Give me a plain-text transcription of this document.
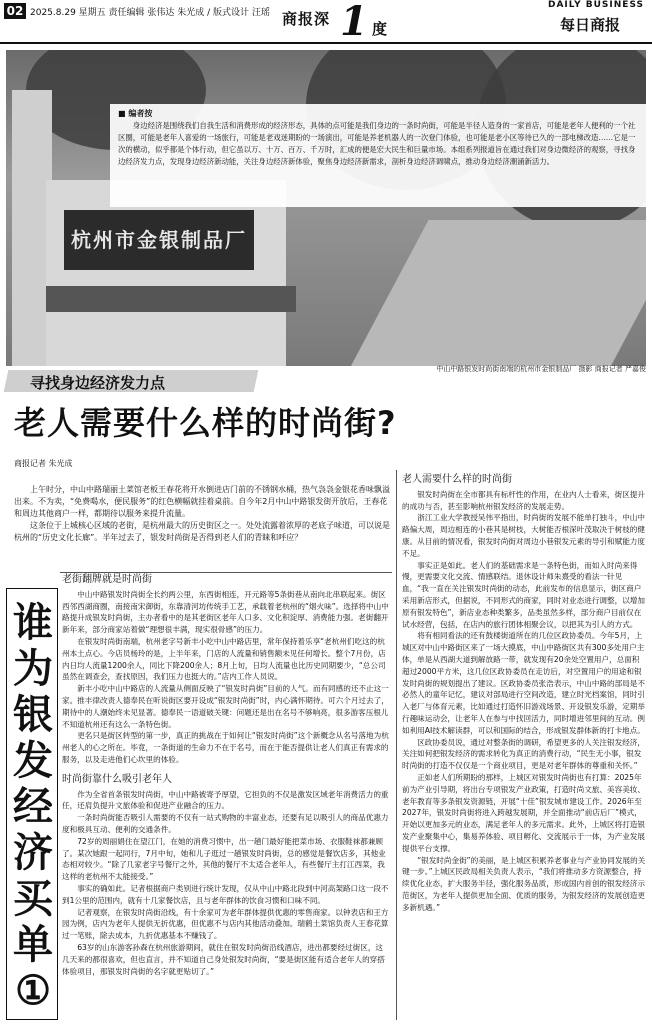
02 2025.8.29 星期五 责任编辑 张伟达 朱光成 / 版式设计 汪瑶 商报深 1 度
DAILY BUSINESS
每日商报
杭州市金银制品厂
■ 编者按
身边经济是围绕我们自我生活和消费形成的经济形态，具体的点可能是我们身边的一条时尚街，可能是半径人造身的一家首店，可能是老年人便利的一个社区圈，可能是老年人喜爱的一场旅行，可能是老戏迷期盼的一场演出，可能是养老机器人的一次登门体验，也可能是老小区等待已久的一部电梯改造……它是一次的横动，似乎都是个体行动，但它虽以万、十万、百万、千万时，汇成的便是宏大民生和巨量市场。本组系列报道旨在通过我们对身边微经济的观察，寻找身边经济发力点，发现身边经济新动能，关注身边经济新体验，聚焦身边经济新需求，剖析身边经济调啸点，推动身边经济潮涌新活力。
中山中路银发时尚街南端的杭州市金银制品厂 摄影 商报记者 严嘉俊
寻找身边经济发力点
老人需要什么样的时尚街?
商报记者 朱光成

上午时分，中山中路瑞丽土菜馆老板王春花将开水倒进店门前的不锈钢水桶，热气袅袅金银花香味飘溢出来。不为卖，“免费喝水，便民服务”的红色横幅就挂着桌前。自今年2月中山中路银发街开放后，王春花和周边其他商户一样，都期待以服务来提升流量。

这条位于上城核心区域的老街，是杭州最大的历史街区之一。处处流露着浓厚的老底子味道，可以说是杭州的“历史文化长廊”。半年过去了，银发时尚街是否得到老人们的青睐和呼应？

谁
为
银
发
经
济
买
单
①
老街翻牌就是时尚街

中山中路银发时尚街全长约两公里，东西街相连，开元路等5条街巷从南向北串联起来。街区西邻西湖商圈，南接南宋御街，东靠清河坊传统手工艺，承载着老杭州的“烟火味”。选择将中山中路提升成银发时尚街，主办者看中的是其老街区老年人口多、文化积淀厚、消费能力强。老街翻开新年来，部分商家站着做“理想很丰满，现实很骨感”的压力。

在银发时尚街南端，杭州老字号新丰小吃中山中路店里，常年保持着乐享“老杭州们吃这的杭州本土点心。今店员杨玲的是，上半年来，门店的人流量和销售额未见任何增长。整个7月份，店内日均人流量1200余人，同比下降200余人；8月上旬，日均人流量也比历史同期要少，“总公司虽然在调查会，查找原因，我们压力也挺大的。”店内工作人员说。

新丰小吃中山中路店的人流量从侧面反映了“银发时尚街”目前的人气。而有同感的还不止这一家。推丰律改责人德奉民在听说街区要开设成“银发时尚街”时，内心满怀期待。可六个月过去了，期待中的人潮始终未见显著。德奉民一语道破关键：问题还是出在名号不够响亮，很多游客压根儿不知道杭州还有这么一条特色街。

更名只是街区转型的第一步，真正的挑战在于如何让“银发时尚街”这个新概念从名号落地为杭州老人的心之所在。毕竟，一条街道的生命力不在于名号，而在于能否提供让老人们真正有需求的服务，以及走进他们心坎里的体验。

时尚街靠什么吸引老年人

作为全省首条银发时尚街，中山中路被寄予厚望，它担负的不仅是激发区域老年消费活力的重任，还肩负提升文旅体验和促进产业融合的压力。

一条时尚街能否吸引人需要的不仅有一站式购物的丰富业态，还要有足以吸引人的商品优惠力度和极具互动、便利的交通条件。

72岁的周丽娟住在望江门，在她的消费习惯中，出一趟门最好能把菜市场、衣服鞋袜都兼顾了。某次她跟一起同行，7月中旬，她和儿子逛过一趟银发时尚街，总的感觉是餐饮店多，其他业态相对较少。“除了几家老字号餐厅之外，其他的餐厅不太适合老年人，有些餐厅主打江西菜，我这样的老杭州不太能接受。”

事实的确如此。记者根据商户类别进行统计发现，仅从中山中路北段到中河高架路口这一段不到1公里的范围内，就有十几家餐饮店，且与老年群体的饮食习惯和口味不同。

记者观察，在银发时尚街沿线，有十余家可为老年群体提供优惠的零售商家。以钟表店和王方园为例，店内为老年人提供无折优惠，但优惠不与店内其他活动叠加。瑞鹤土菜馆负责人王春花算过一笔账，除去成本，九折优惠基本不赚钱了。

63岁的山东游客孙森在杭州旅游期间，就住在银发时尚街沿线酒店，进出都要经过街区，这几天来的都很喜欢，但也直言，并不知道自己身处银发时尚街，“要是街区能有适合老年人的穿搭体验项目，那银发时尚街的名字就更贴切了。”

老人需要什么样的时尚街

银发时尚街在全市都具有标杆性的作用，在业内人士看来，街区提升的成功与否，甚至影响杭州银发经济的发展走势。

浙江工业大学教授吴伟平指出，时尚街的发展不能单打独斗，中山中路偏大周，周边相连的小巷其是树枝，大树能否根深叶茂取决于树枝的健康。从目前的情况看，银发时尚街对周边小巷银发元素的导引和赋能力度不足。

事实正是如此。老人们的基础需求是一条特色街，而如入时尚来得慢，更需要文化交流、情感联结。退休设计师朱熹受的看法一针见血，“我一直在关注银发时尚街的动态，此前发布的信息显示，街区商户采用新店形式，但据说，不同形式的商家，同时对业态进行调整，以增加原有银发特色”，新店业态种类繁多，品类虽然多样，部分商户目前仅在试水经营，包括，在店内的旅行团体相聚会议，以把其为引人的方式。

将有相同看法的还有鼓楼街道所在的几位区政协委员。今年5月，上城区对中山中路街区来了一场大摸底，中山中路街区共有300多处用户主体，单是从西湖大道到解放路一带，就发现有20余处空置用户，总面积超过2000平方米，这几位区政协委员在走访后，对空置用户的用途和银发时尚街的规划提出了建议。区政协委员张浩表示，中山中路的部局是不必然人的童年记忆，建议对部局进行空间改造，建立时光档案馆，同时引入老厂与体育元素，比如通过打造怀旧游戏场景、开设银发乐游，定期举行趣味运动会，让老年人在参与中找回活力，同时增进邻里间的互动。例如利用AI技术解读群，可以和国际的结合，形成银发群体新的打卡地点。

区政协委员说，通过对整条街的调研，希望更多的人关注银发经济，关注如何把银发经济的需求转化为真正的消费行动，“民生无小事，银发时尚街的打造不仅仅是一个商业项目，更是对老年群体的尊重和关怀。”

正如老人们所期盼的那样，上城区对银发时尚街也有打算：2025年前为产业引导期，将出台专项银发产业政策，打造时尚文旅、美容美妆、老年教育等多条银发资源链，开展“十佳”银发城市建设工作。2026年至2027年，银发时尚街将进入跨越发展期，并全面推动“前店后厂”模式，开始以更加多元的业态，满足老年人的多元需求。此外，上城区将打造银发产业聚集中心，集易养体验、项目孵化、交流展示于一体，为产业发展提供平台支撑。

“银发时尚金街”的美丽，是上城区积累养老事业与产业协同发展的关键一步。”上城区民政局相关负责人表示，“我们将推动多方资源整合，持续优化业态，扩大服务半径，强化服务品质，形成国内首创的银发经济示范街区，为老年人提供更加全面、优质的服务，为银发经济的发展创造更多新机遇。”
